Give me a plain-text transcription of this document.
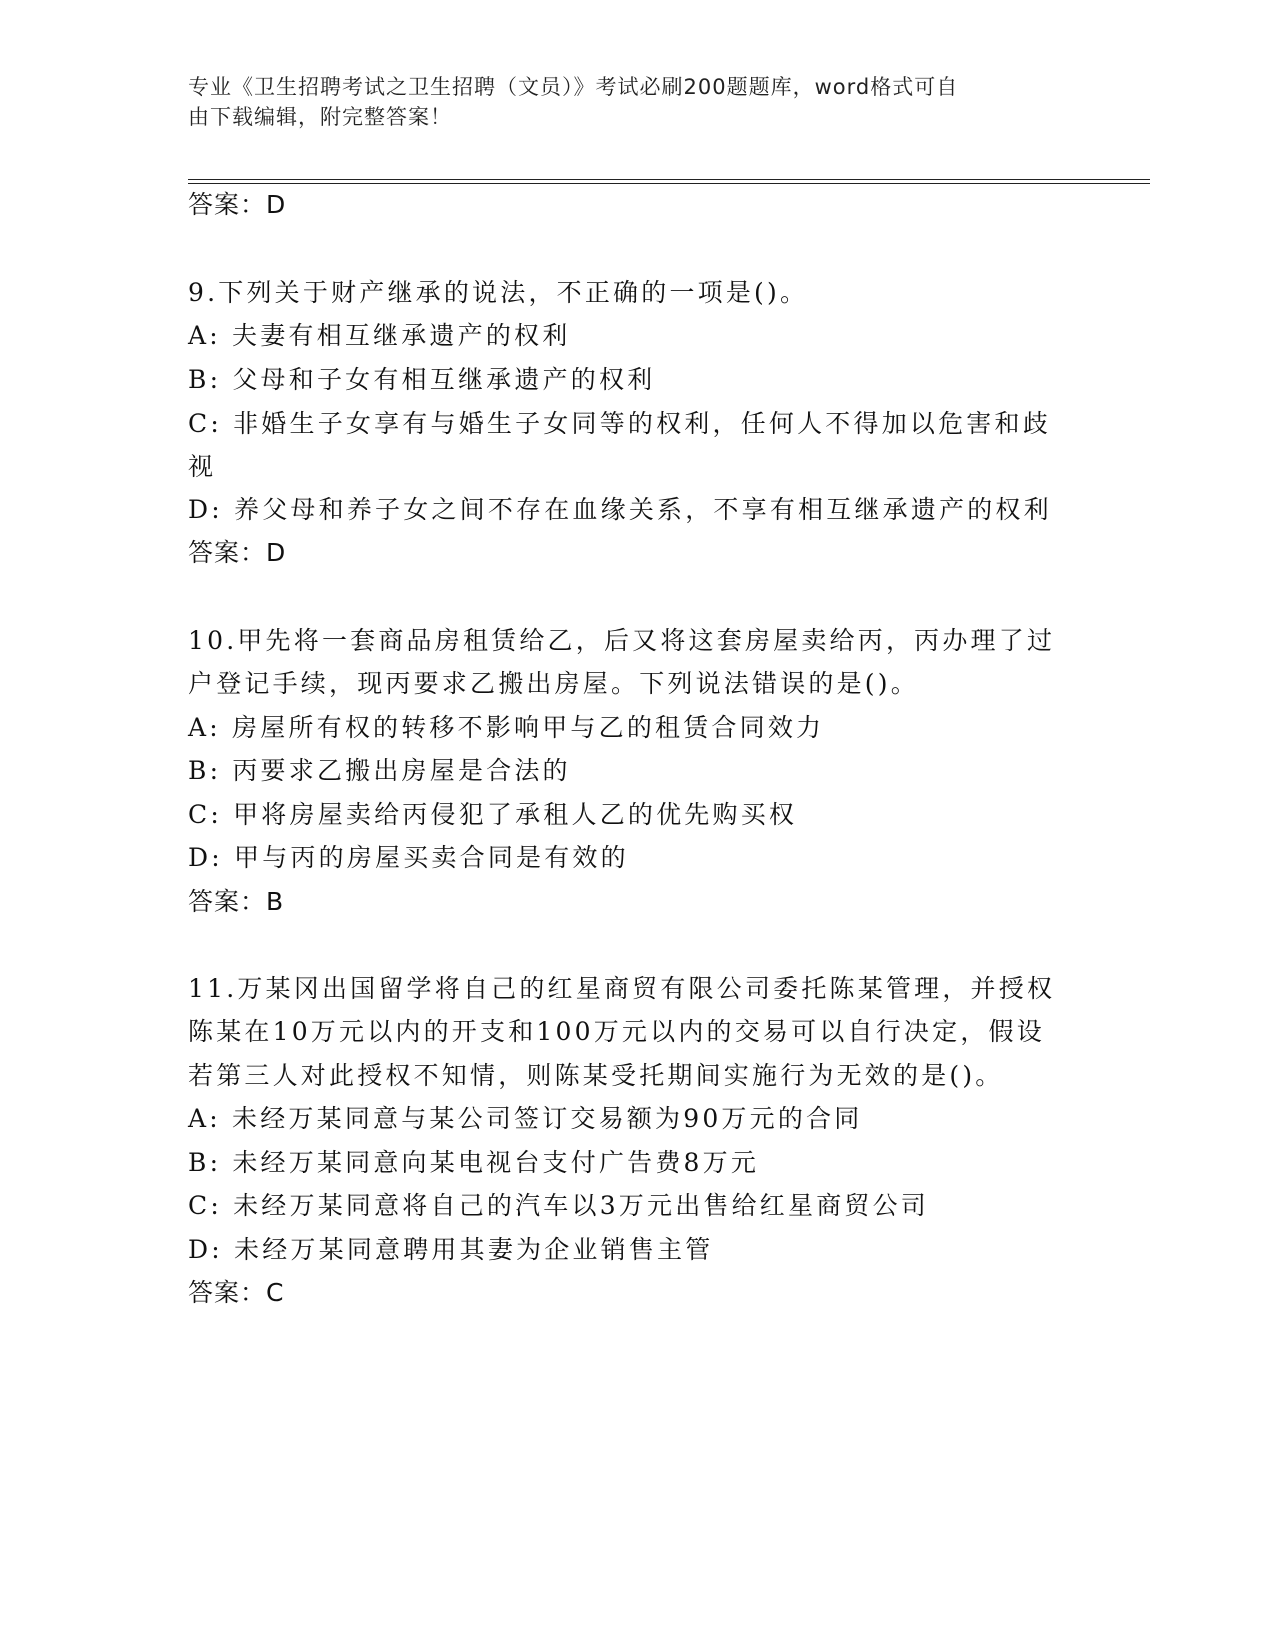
专业《卫生招聘考试之卫生招聘（文员）》考试必刷200题题库，word格式可自
由下载编辑，附完整答案！
答案：D
9.下列关于财产继承的说法，不正确的一项是()。
A: 夫妻有相互继承遗产的权利
B: 父母和子女有相互继承遗产的权利
C: 非婚生子女享有与婚生子女同等的权利，任何人不得加以危害和歧
视
D: 养父母和养子女之间不存在血缘关系，不享有相互继承遗产的权利
答案：D
10.甲先将一套商品房租赁给乙，后又将这套房屋卖给丙，丙办理了过
户登记手续，现丙要求乙搬出房屋。下列说法错误的是()。
A: 房屋所有权的转移不影响甲与乙的租赁合同效力
B: 丙要求乙搬出房屋是合法的
C: 甲将房屋卖给丙侵犯了承租人乙的优先购买权
D: 甲与丙的房屋买卖合同是有效的
答案：B
11.万某冈出国留学将自己的红星商贸有限公司委托陈某管理，并授权
陈某在10万元以内的开支和100万元以内的交易可以自行决定，假设
若第三人对此授权不知情，则陈某受托期间实施行为无效的是()。
A: 未经万某同意与某公司签订交易额为90万元的合同
B: 未经万某同意向某电视台支付广告费8万元
C: 未经万某同意将自己的汽车以3万元出售给红星商贸公司
D: 未经万某同意聘用其妻为企业销售主管
答案：C
